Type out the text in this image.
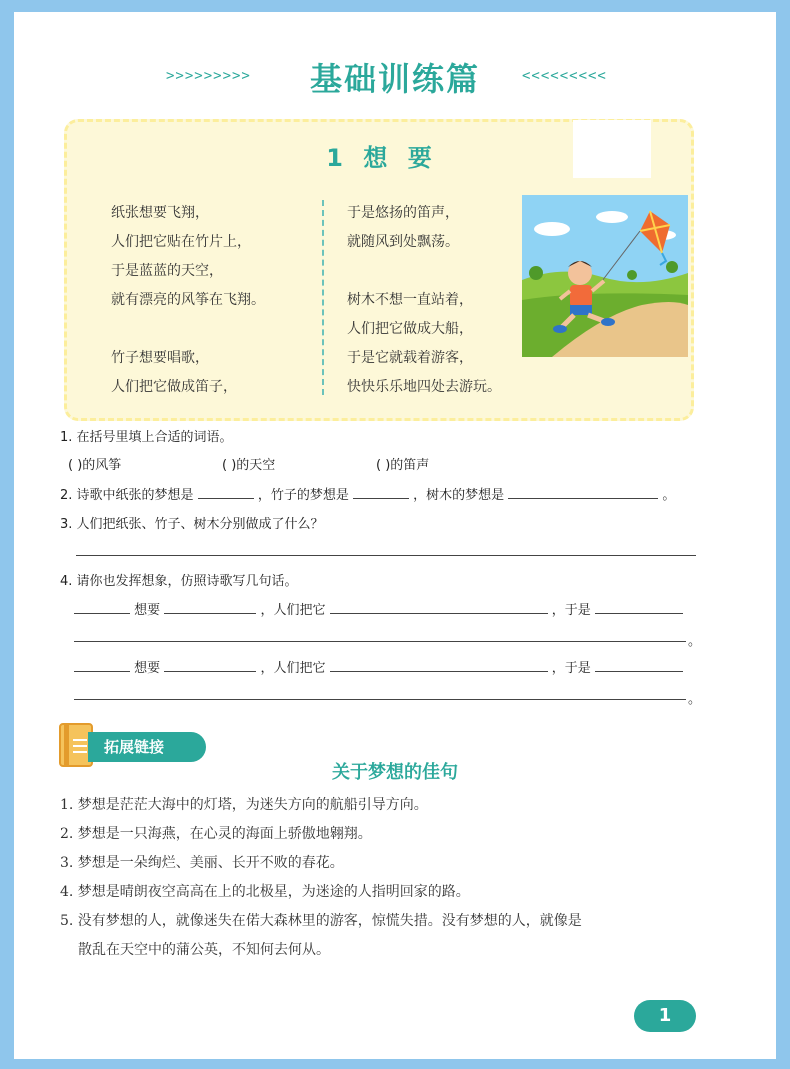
>>>>>>>>>	基础训练篇	<<<<<<<<<
1 想 要
纸张想要飞翔，
人们把它贴在竹片上，
于是蓝蓝的天空，
就有漂亮的风筝在飞翔。
竹子想要唱歌，
人们把它做成笛子，
于是悠扬的笛声，
就随风到处飘荡。
树木不想一直站着，
人们把它做成大船，
于是它就载着游客，
快快乐乐地四处去游玩。
1. 在括号里填上合适的词语。
( )的风筝	( )的天空	( )的笛声
2. 诗歌中纸张的梦想是	，竹子的梦想是	，树木的梦想是	。
3. 人们把纸张、竹子、树木分别做成了什么？
4. 请你也发挥想象，仿照诗歌写几句话。
想要	，人们把它	，于是
。
想要	，人们把它	，于是
。
拓展链接
关于梦想的佳句
1. 梦想是茫茫大海中的灯塔，为迷失方向的航船引导方向。
2. 梦想是一只海燕，在心灵的海面上骄傲地翱翔。
3. 梦想是一朵绚烂、美丽、长开不败的春花。
4. 梦想是晴朗夜空高高在上的北极星，为迷途的人指明回家的路。
5. 没有梦想的人，就像迷失在偌大森林里的游客，惊慌失措。没有梦想的人，就像是
散乱在天空中的蒲公英，不知何去何从。
1
